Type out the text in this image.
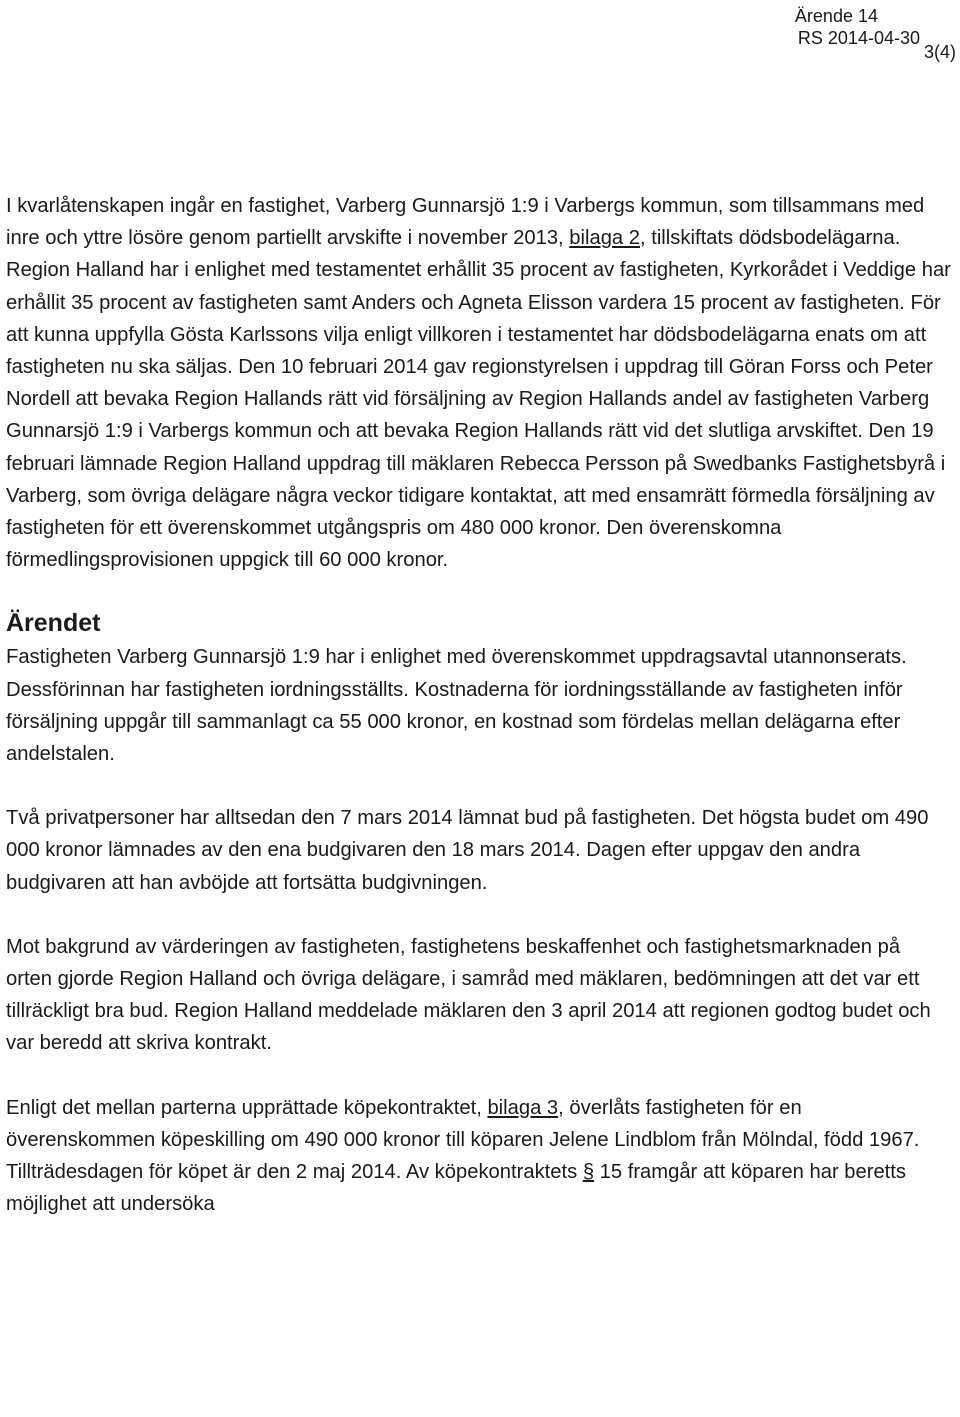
Ärende 14
RS 2014-04-30
3(4)

I kvarlåtenskapen ingår en fastighet, Varberg Gunnarsjö 1:9 i Varbergs kommun, som tillsammans med inre och yttre lösöre genom partiellt arvskifte i november 2013, bilaga 2, tillskiftats dödsbodelägarna. Region Halland har i enlighet med testamentet erhållit 35 procent av fastigheten, Kyrkorådet i Veddige har erhållit 35 procent av fastigheten samt Anders och Agneta Elisson vardera 15 procent av fastigheten. För att kunna uppfylla Gösta Karlssons vilja enligt villkoren i testamentet har dödsbodelägarna enats om att fastigheten nu ska säljas. Den 10 februari 2014 gav regionstyrelsen i uppdrag till Göran Forss och Peter Nordell att bevaka Region Hallands rätt vid försäljning av Region Hallands andel av fastigheten Varberg Gunnarsjö 1:9 i Varbergs kommun och att bevaka Region Hallands rätt vid det slutliga arvskiftet. Den 19 februari lämnade Region Halland uppdrag till mäklaren Rebecca Persson på Swedbanks Fastighetsbyrå i Varberg, som övriga delägare några veckor tidigare kontaktat, att med ensamrätt förmedla försäljning av fastigheten för ett överenskommet utgångspris om 480 000 kronor. Den överenskomna förmedlingsprovisionen uppgick till 60 000 kronor.

Ärendet

Fastigheten Varberg Gunnarsjö 1:9 har i enlighet med överenskommet uppdragsavtal utannonserats. Dessförinnan har fastigheten iordningsställts. Kostnaderna för iordningsställande av fastigheten inför försäljning uppgår till sammanlagt ca 55 000 kronor, en kostnad som fördelas mellan delägarna efter andelstalen.

Två privatpersoner har alltsedan den 7 mars 2014 lämnat bud på fastigheten. Det högsta budet om 490 000 kronor lämnades av den ena budgivaren den 18 mars 2014. Dagen efter uppgav den andra budgivaren att han avböjde att fortsätta budgivningen.

Mot bakgrund av värderingen av fastigheten, fastighetens beskaffenhet och fastighetsmarknaden på orten gjorde Region Halland och övriga delägare, i samråd med mäklaren, bedömningen att det var ett tillräckligt bra bud. Region Halland meddelade mäklaren den 3 april 2014 att regionen godtog budet och var beredd att skriva kontrakt.

Enligt det mellan parterna upprättade köpekontraktet, bilaga 3, överlåts fastigheten för en överenskommen köpeskilling om 490 000 kronor till köparen Jelene Lindblom från Mölndal, född 1967. Tillträdesdagen för köpet är den 2 maj 2014. Av köpekontraktets § 15 framgår att köparen har beretts möjlighet att undersöka
